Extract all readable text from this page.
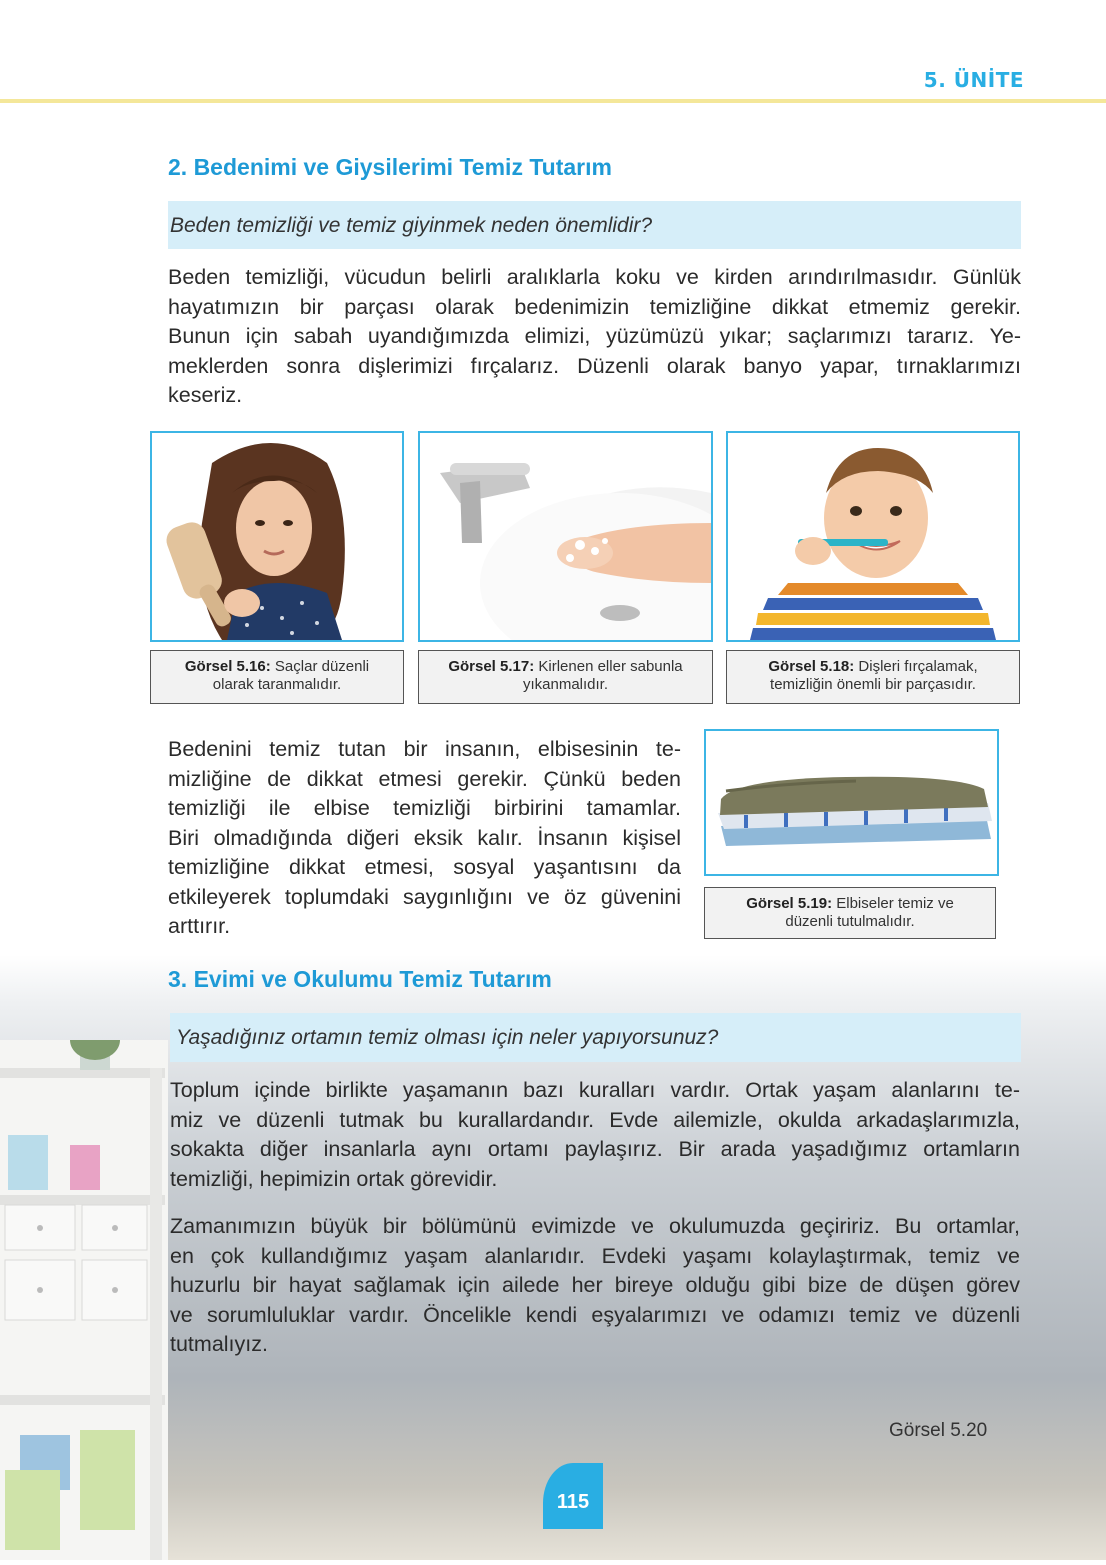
5. ÜNİTE
2. Bedenimi ve Giysilerimi Temiz Tutarım
Beden temizliği ve temiz giyinmek neden önemlidir?
Beden temizliği, vücudun belirli aralıklarla koku ve kirden arındırılmasıdır. Günlük
hayatımızın bir parçası olarak bedenimizin temizliğine dikkat etmemiz gerekir.
Bunun için sabah uyandığımızda elimizi, yüzümüzü yıkar; saçlarımızı tararız. Ye-
meklerden sonra dişlerimizi fırçalarız. Düzenli olarak banyo yapar, tırnaklarımızı
keseriz.
Görsel 5.16: Saçlar düzenli
olarak taranmalıdır.
Görsel 5.17: Kirlenen eller sabunla
yıkanmalıdır.
Görsel 5.18: Dişleri fırçalamak,
temizliğin önemli bir parçasıdır.
Bedenini temiz tutan bir insanın, elbisesinin te-
mizliğine de dikkat etmesi gerekir. Çünkü beden
temizliği ile elbise temizliği birbirini tamamlar.
Biri olmadığında diğeri eksik kalır. İnsanın kişisel
temizliğine dikkat etmesi, sosyal yaşantısını da
etkileyerek toplumdaki saygınlığını ve öz güvenini
arttırır.
Görsel 5.19: Elbiseler temiz ve
düzenli tutulmalıdır.
3. Evimi ve Okulumu Temiz Tutarım
Yaşadığınız ortamın temiz olması için neler yapıyorsunuz?
Toplum içinde birlikte yaşamanın bazı kuralları vardır. Ortak yaşam alanlarını te-
miz ve düzenli tutmak bu kurallardandır. Evde ailemizle, okulda arkadaşlarımızla,
sokakta diğer insanlarla aynı ortamı paylaşırız. Bir arada yaşadığımız ortamların
temizliği, hepimizin ortak görevidir.
Zamanımızın büyük bir bölümünü evimizde ve okulumuzda geçiririz. Bu ortamlar,
en çok kullandığımız yaşam alanlarıdır. Evdeki yaşamı kolaylaştırmak, temiz ve
huzurlu bir hayat sağlamak için ailede her bireye olduğu gibi bize de düşen görev
ve sorumluluklar vardır. Öncelikle kendi eşyalarımızı ve odamızı temiz ve düzenli
tutmalıyız.
Görsel 5.20
115
